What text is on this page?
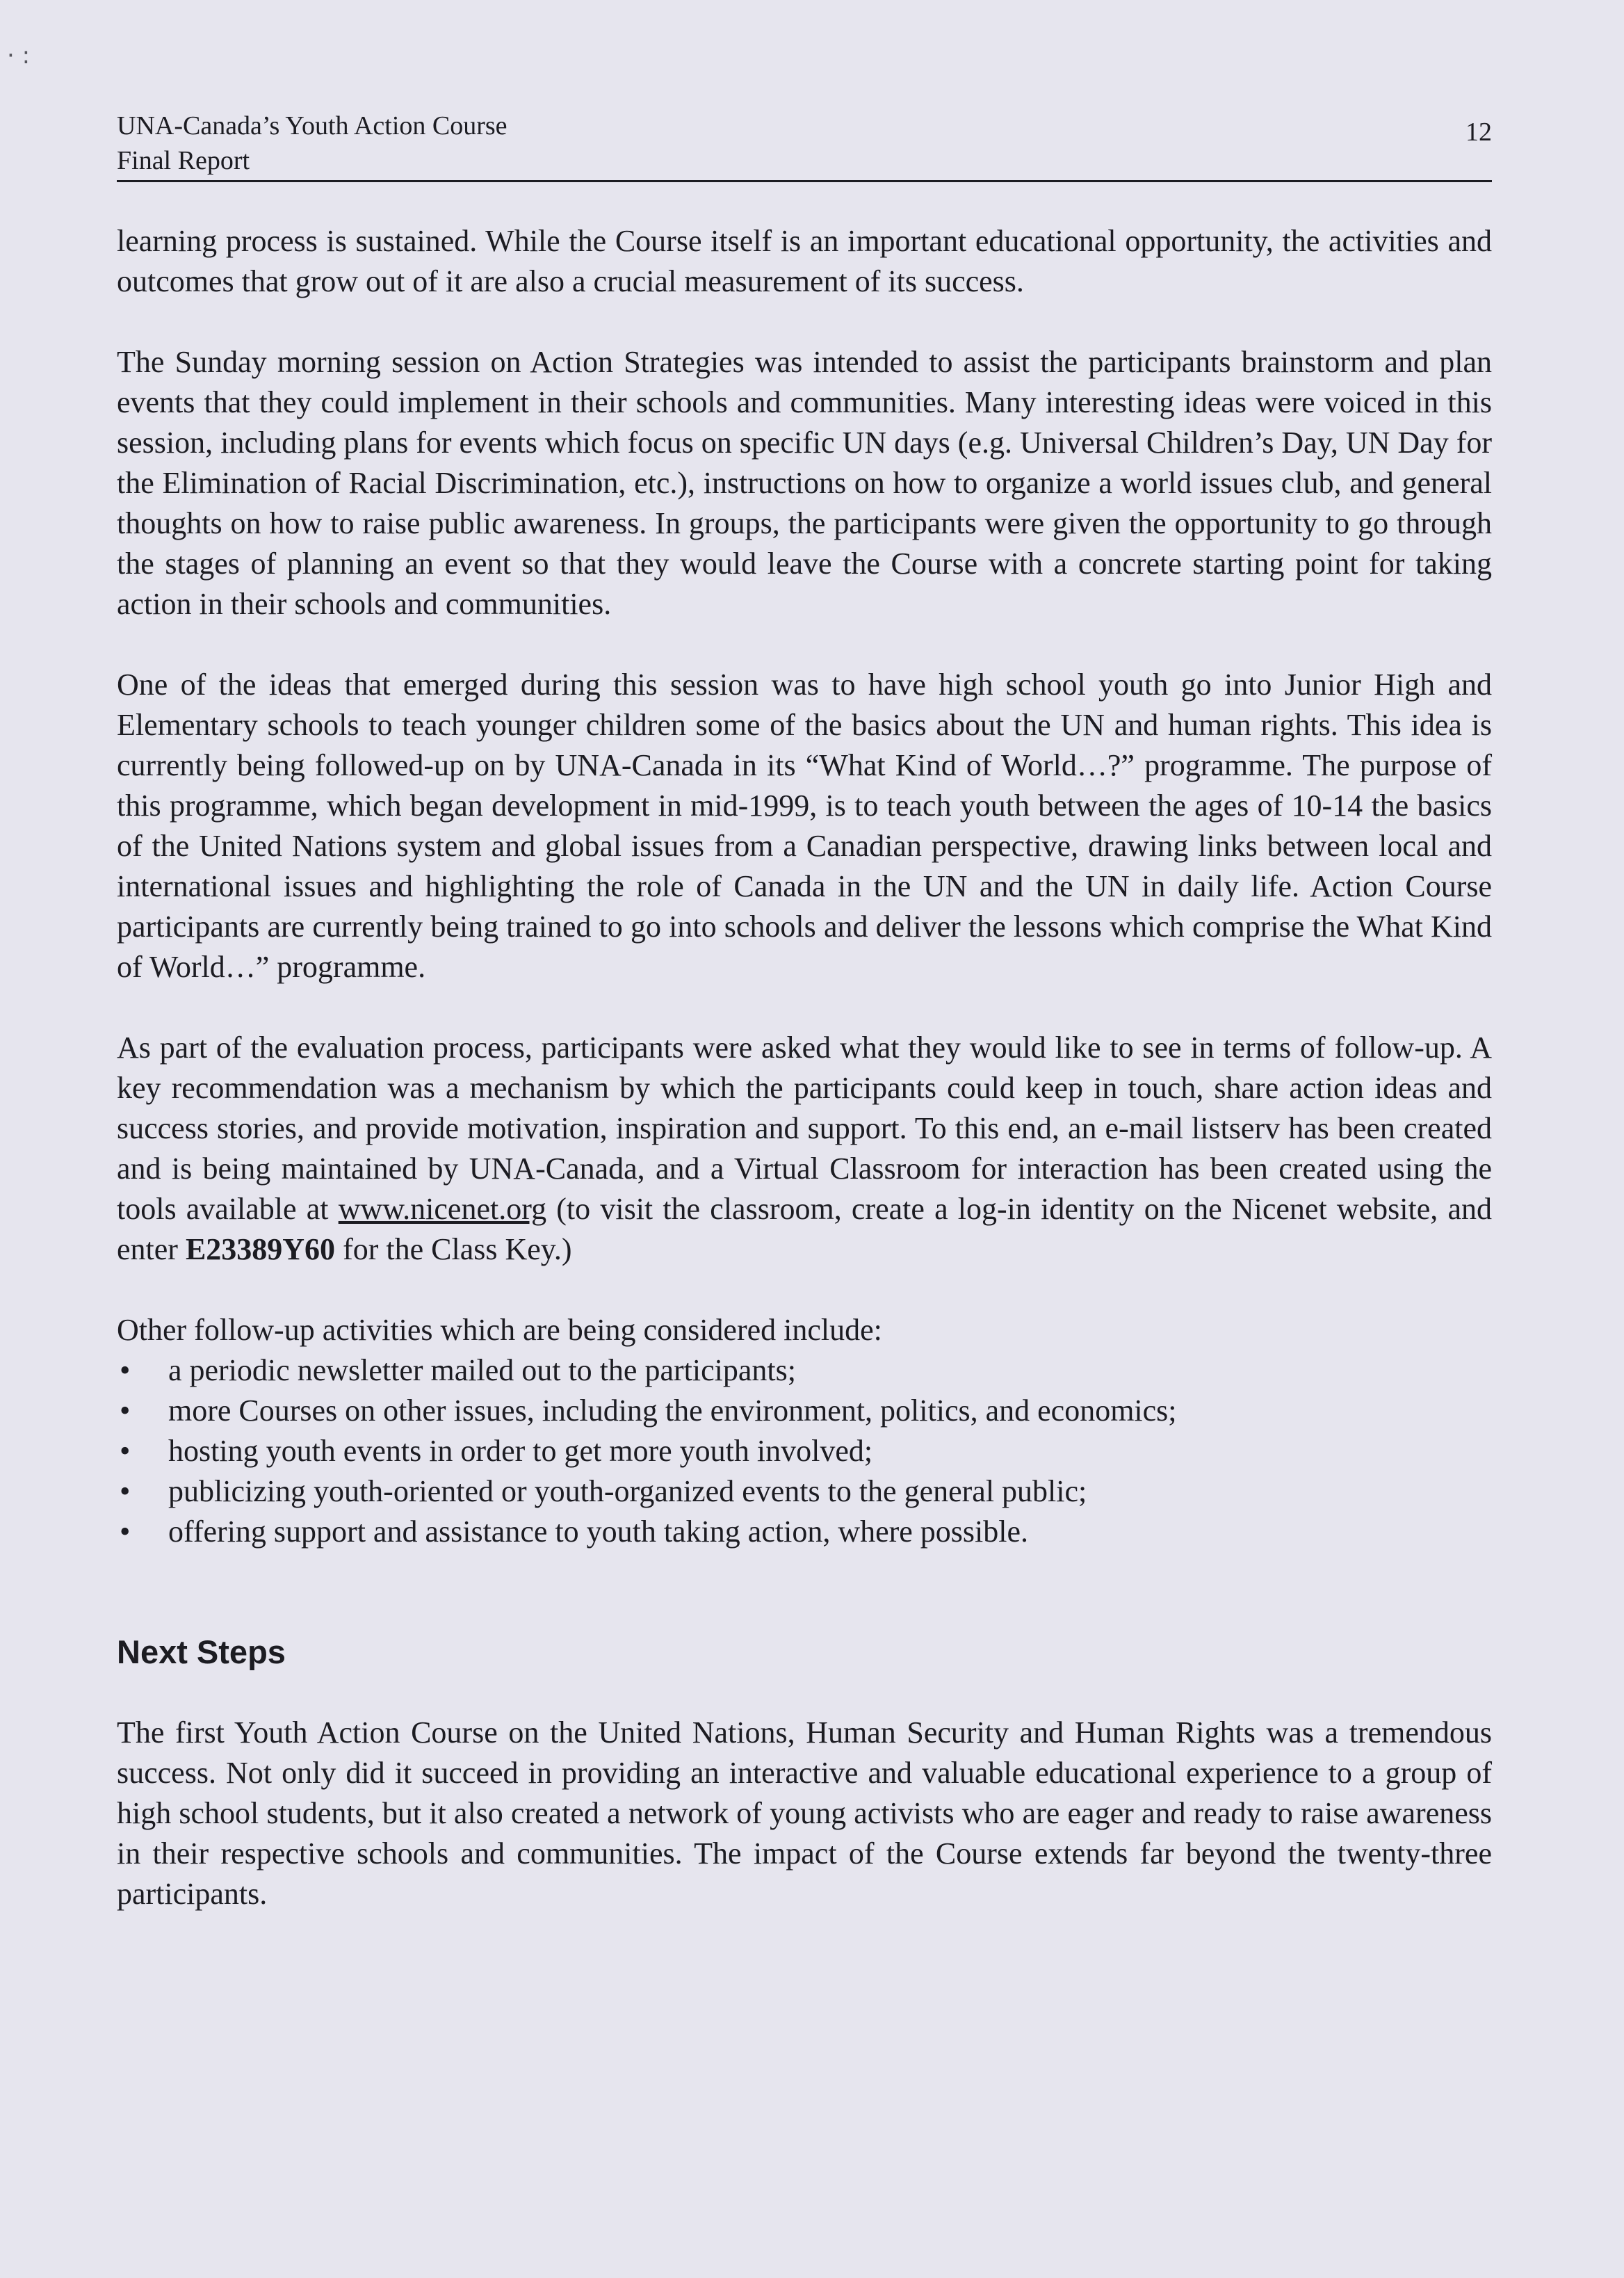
· :
UNA-Canada’s Youth Action Course
Final Report
12

learning process is sustained. While the Course itself is an important educational opportunity, the activities and outcomes that grow out of it are also a crucial measurement of its success.

The Sunday morning session on Action Strategies was intended to assist the participants brainstorm and plan events that they could implement in their schools and communities. Many interesting ideas were voiced in this session, including plans for events which focus on specific UN days (e.g. Universal Children’s Day, UN Day for the Elimination of Racial Discrimination, etc.), instructions on how to organize a world issues club, and general thoughts on how to raise public awareness. In groups, the participants were given the opportunity to go through the stages of planning an event so that they would leave the Course with a concrete starting point for taking action in their schools and communities.

One of the ideas that emerged during this session was to have high school youth go into Junior High and Elementary schools to teach younger children some of the basics about the UN and human rights. This idea is currently being followed-up on by UNA-Canada in its “What Kind of World…?” programme. The purpose of this programme, which began development in mid-1999, is to teach youth between the ages of 10-14 the basics of the United Nations system and global issues from a Canadian perspective, drawing links between local and international issues and highlighting the role of Canada in the UN and the UN in daily life. Action Course participants are currently being trained to go into schools and deliver the lessons which comprise the What Kind of World…” programme.

As part of the evaluation process, participants were asked what they would like to see in terms of follow-up. A key recommendation was a mechanism by which the participants could keep in touch, share action ideas and success stories, and provide motivation, inspiration and support. To this end, an e-mail listserv has been created and is being maintained by UNA-Canada, and a Virtual Classroom for interaction has been created using the tools available at www.nicenet.org (to visit the classroom, create a log-in identity on the Nicenet website, and enter E23389Y60 for the Class Key.)

Other follow-up activities which are being considered include:

• a periodic newsletter mailed out to the participants;
• more Courses on other issues, including the environment, politics, and economics;
• hosting youth events in order to get more youth involved;
• publicizing youth-oriented or youth-organized events to the general public;
• offering support and assistance to youth taking action, where possible.
Next Steps

The first Youth Action Course on the United Nations, Human Security and Human Rights was a tremendous success. Not only did it succeed in providing an interactive and valuable educational experience to a group of high school students, but it also created a network of young activists who are eager and ready to raise awareness in their respective schools and communities. The impact of the Course extends far beyond the twenty-three participants.
